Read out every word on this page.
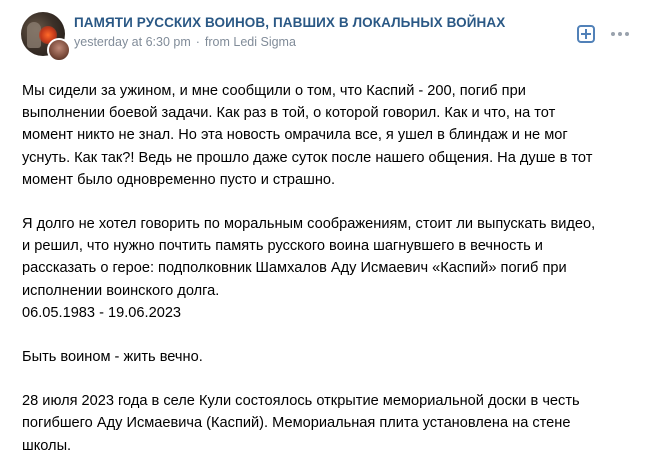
ПАМЯТИ РУССКИХ ВОИНОВ, ПАВШИХ В ЛОКАЛЬНЫХ ВОЙНАХ
yesterday at 6:30 pm · from Ledi Sigma

Мы сидели за ужином, и мне сообщили о том, что Каспий - 200, погиб при
выполнении боевой задачи. Как раз в той, о которой говорил. Как и что, на тот
момент никто не знал. Но эта новость омрачила все, я ушел в блиндаж и не мог
уснуть. Как так?! Ведь не прошло даже суток после нашего общения. На душе в тот
момент было одновременно пусто и страшно.

Я долго не хотел говорить по моральным соображениям, стоит ли выпускать видео,
и решил, что нужно почтить память русского воина шагнувшего в вечность и
рассказать о герое: подполковник Шамхалов Аду Исмаевич «Каспий» погиб при
исполнении воинского долга.
06.05.1983 - 19.06.2023

Быть воином - жить вечно.

28 июля 2023 года в селе Кули состоялось открытие мемориальной доски в честь
погибшего Аду Исмаевича (Каспий). Мемориальная плита установлена на стене
школы.
